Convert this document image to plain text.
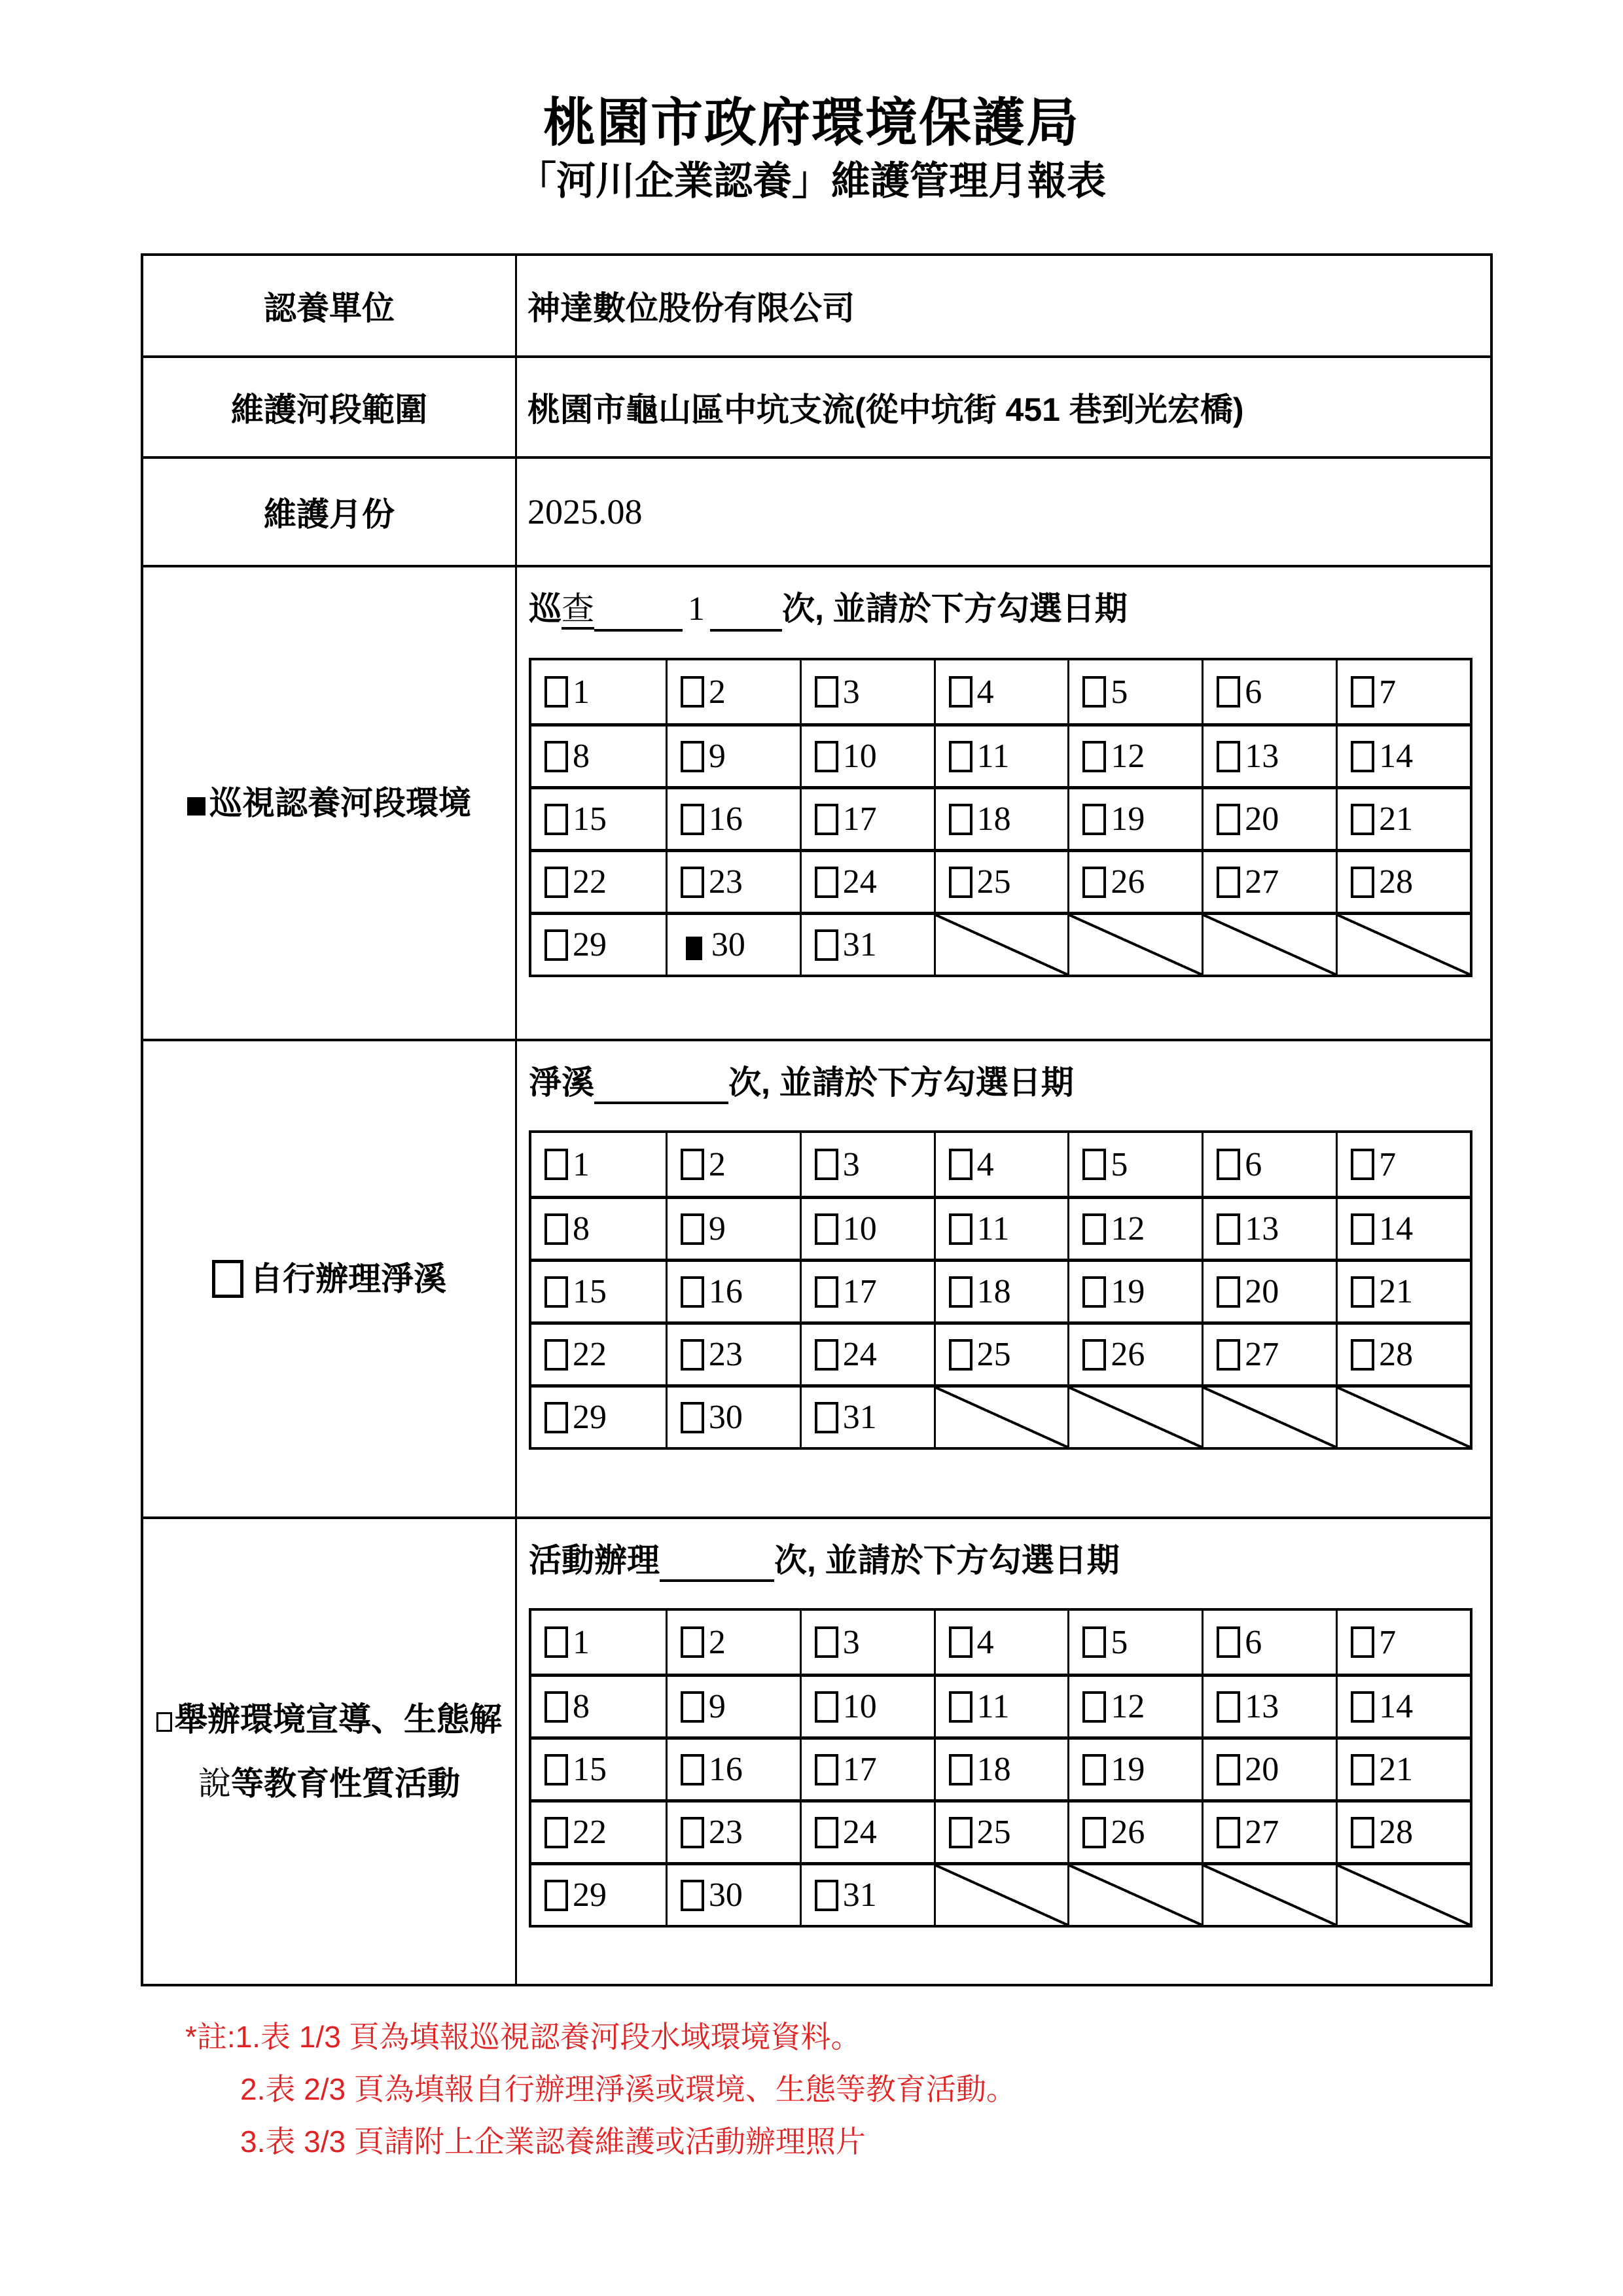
桃園市政府環境保護局
「河川企業認養」維護管理月報表
認養單位	神達數位股份有限公司
維護河段範圍	桃園市龜山區中坑支流(從中坑街 451 巷到光宏橋)
維護月份	2025.08
巡視認養河段環境
巡查	1 次, 並請於下方勾選日期
1	2	3	4	5	6	7
8	9	10	11	12	13	14
15	16	17	18	19	20	21
22	23	24	25	26	27	28
29	30	31
自行辦理淨溪
淨溪	次, 並請於下方勾選日期
1	2	3	4	5	6	7
8	9	10	11	12	13	14
15	16	17	18	19	20	21
22	23	24	25	26	27	28
29	30	31
舉辦環境宣導、生態解
說 等教育性質活動
活動辦理	次, 並請於下方勾選日期
1	2	3	4	5	6	7
8	9	10	11	12	13	14
15	16	17	18	19	20	21
22	23	24	25	26	27	28
29	30	31
*註:1.表 1/3 頁為填報巡視認養河段水域環境資料。
2.表 2/3 頁為填報自行辦理淨溪或環境、生態等教育活動。
3.表 3/3 頁請附上企業認養維護或活動辦理照片
